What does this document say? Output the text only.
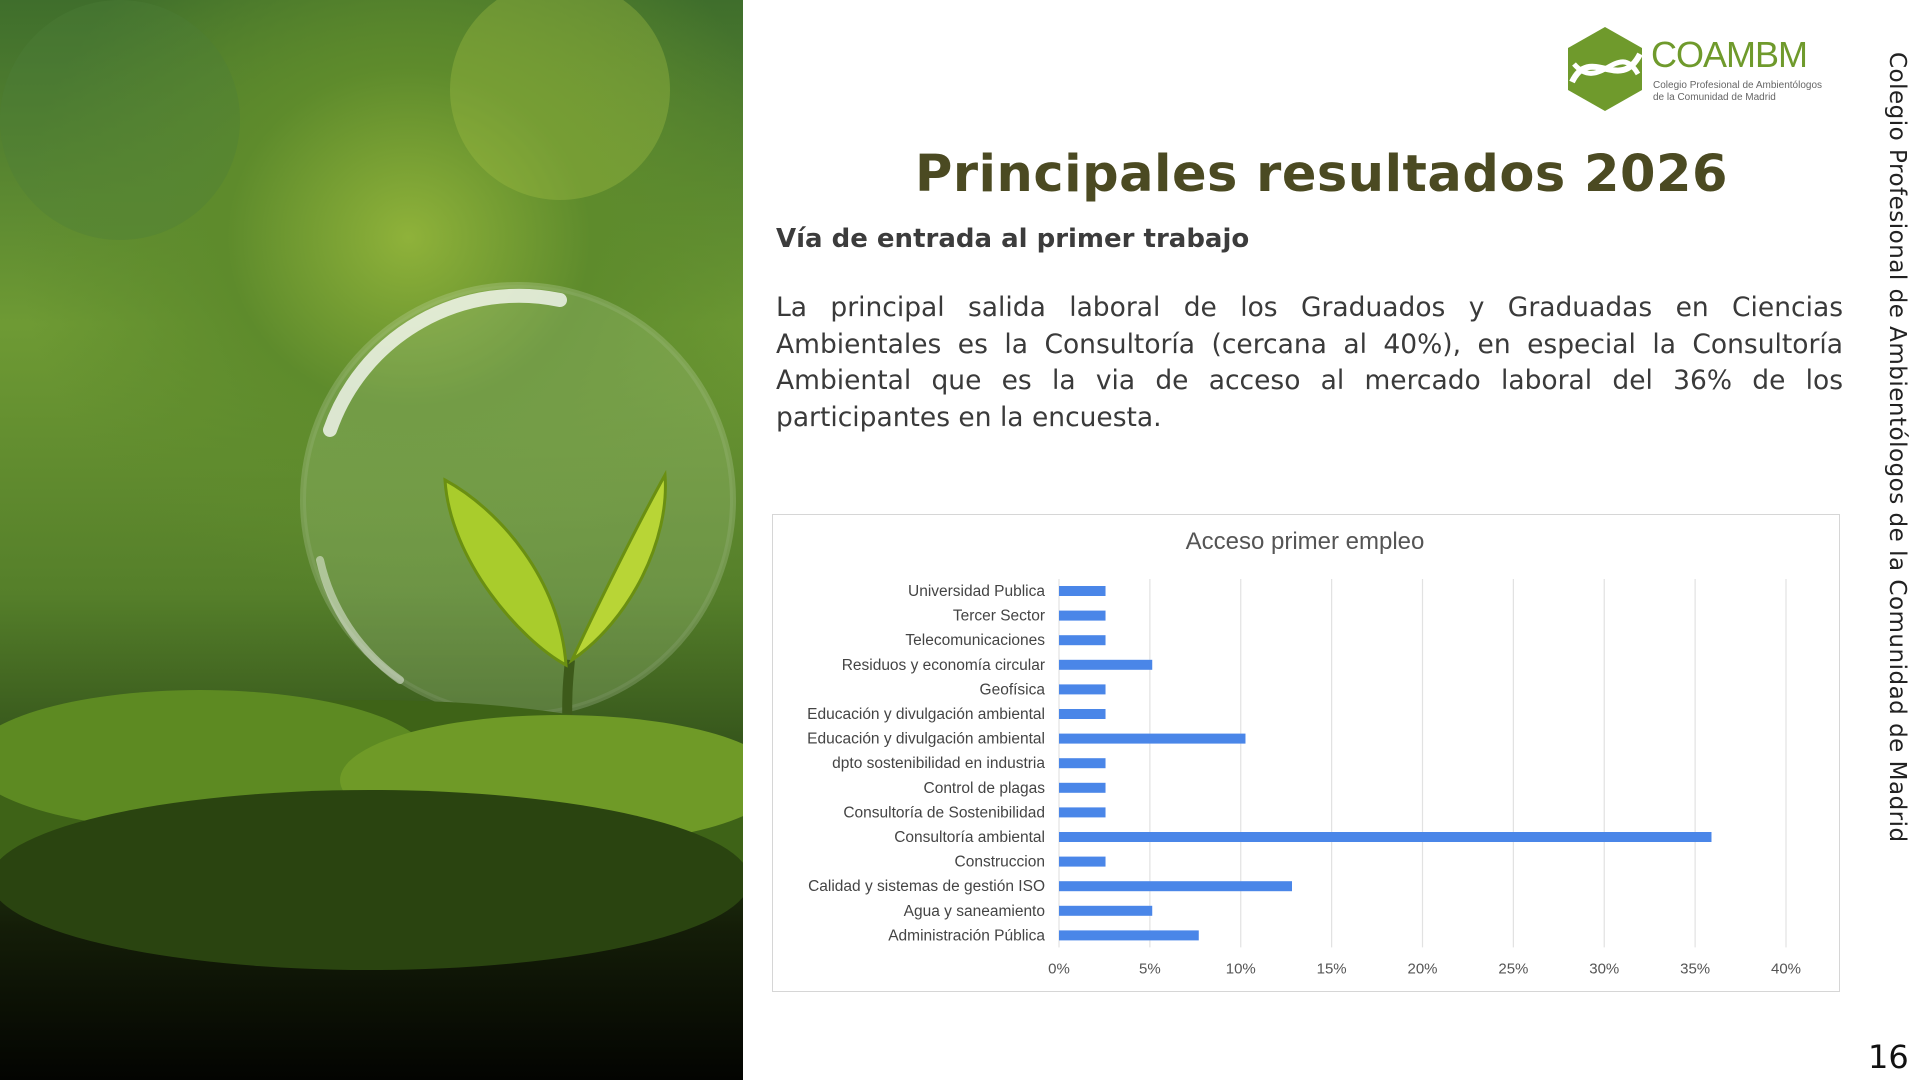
COAMBM
Colegio Profesional de Ambientólogos
de la Comunidad de Madrid	Colegio Profesional de Ambientólogos de la Comunidad de Madrid
Principales resultados 2026
Vía de entrada al primer trabajo
La principal salida laboral de los Graduados y Graduadas en Ciencias Ambientales es la Consultoría (cercana al 40%), en especial la Consultoría Ambiental que es la via de acceso al mercado laboral del 36% de los participantes en la encuesta.
Acceso primer empleo
Universidad Publica
Tercer Sector
Telecomunicaciones
Residuos y economía circular
Geofísica
Educación y divulgación ambiental
Educación y divulgación ambiental
dpto sostenibilidad en industria
Control de plagas
Consultoría de Sostenibilidad
Consultoría ambiental
Construccion
Calidad y sistemas de gestión ISO
Agua y saneamiento
Administración Pública
0%	5%	10%	15%	20%	25%	30%	35%	40%
16
